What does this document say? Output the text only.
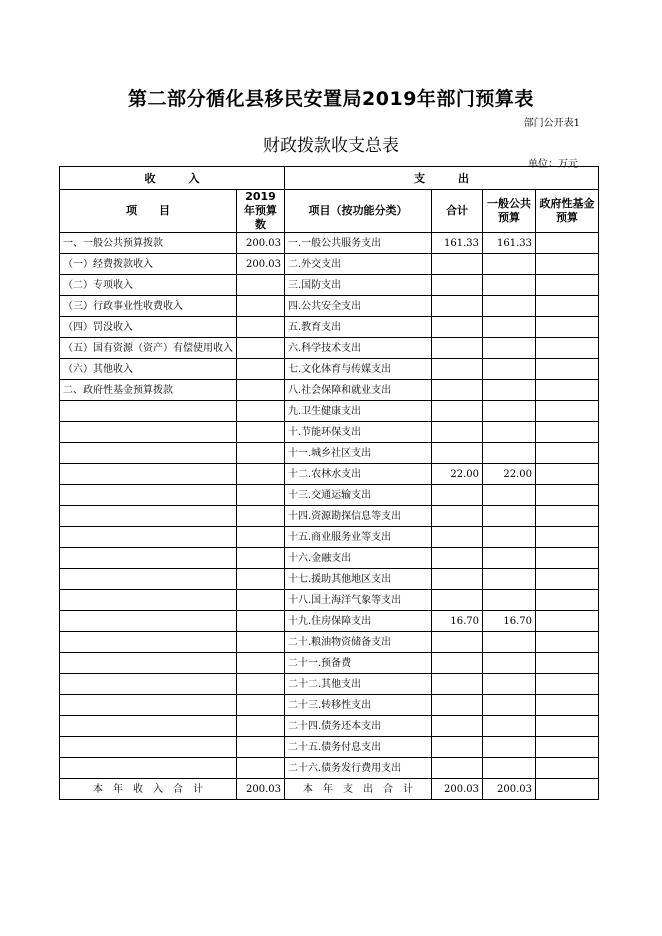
第二部分循化县移民安置局2019年部门预算表
部门公开表1
财政拨款收支总表
单位：万元
收　　　入		支　　　出			
项　　目	2019年预算数	项目（按功能分类）	合计	一般公共预算	政府性基金预算
一、一般公共预算拨款	200.03	一.一般公共服务支出	161.33	161.33	
（一）经费拨款收入	200.03	二.外交支出			
（二）专项收入		三.国防支出			
（三）行政事业性收费收入		四.公共安全支出			
（四）罚没收入		五.教育支出			
（五）国有资源（资产）有偿使用收入		六.科学技术支出			
（六）其他收入		七.文化体育与传媒支出			
二、政府性基金预算拨款		八.社会保障和就业支出			
		九.卫生健康支出			
		十.节能环保支出			
		十一.城乡社区支出			
		十二.农林水支出	22.00	22.00	
		十三.交通运输支出			
		十四.资源勘探信息等支出			
		十五.商业服务业等支出			
		十六.金融支出			
		十七.援助其他地区支出			
		十八.国土海洋气象等支出			
		十九.住房保障支出	16.70	16.70	
		二十.粮油物资储备支出			
		二十一.预备费			
		二十二.其他支出			
		二十三.转移性支出			
		二十四.债务还本支出			
		二十五.债务付息支出			
		二十六.债务发行费用支出			
本　年　收　入　合　计	200.03	本　年　支　出　合　计	200.03	200.03	
